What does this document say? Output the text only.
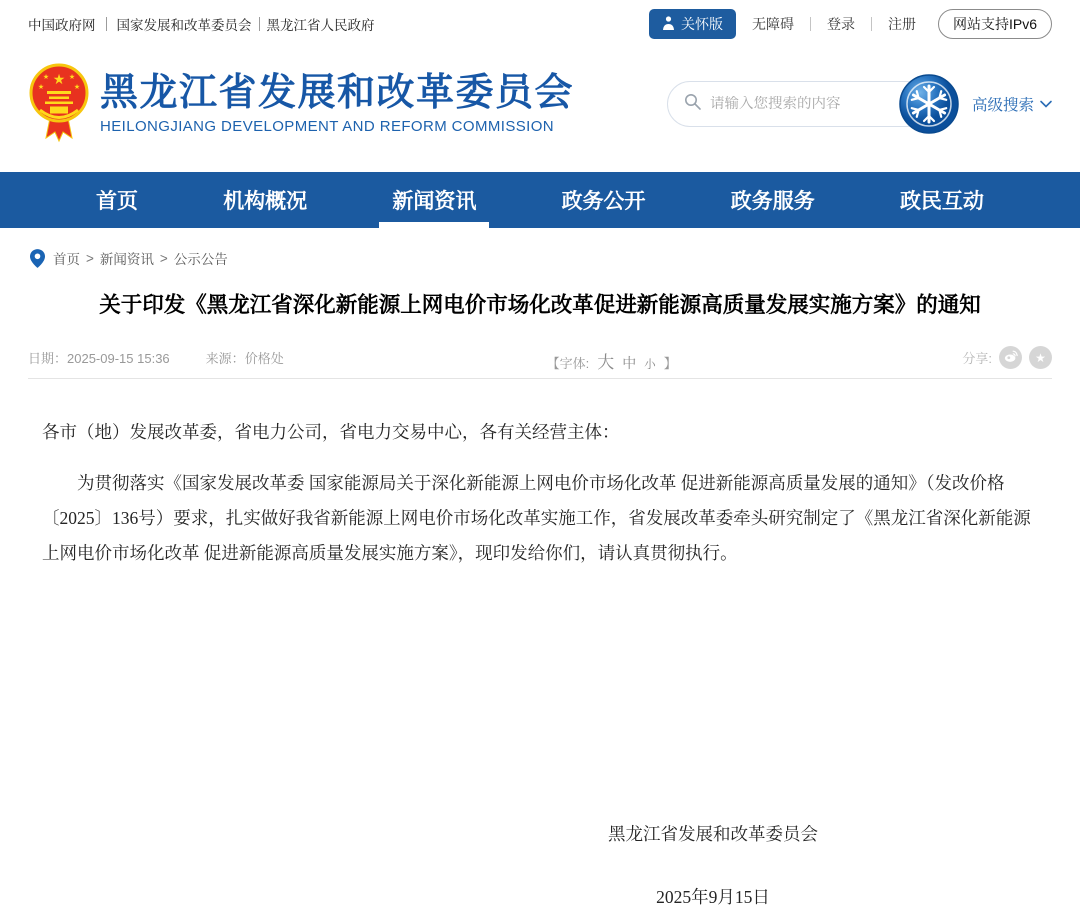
中国政府网 国家发展和改革委员会 黑龙江省人民政府	关怀版 无障碍 登录 注册	网站支持IPv6
★
★	★
★	★ 黑龙江省发展和改革委员会
HEILONGJIANG DEVELOPMENT AND REFORM COMMISSION
请输入您搜索的内容
高级搜索
首页	机构概况	新闻资讯	政务公开	政务服务	政民互动
首页 > 新闻资讯 > 公示公告
关于印发《黑龙江省深化新能源上网电价市场化改革促进新能源高质量发展实施方案》的通知
日期：2025-09-15 15:36	来源：价格处	【字体: 大 中 小 】	分享:	★

各市（地）发展改革委，省电力公司，省电力交易中心，各有关经营主体：

为贯彻落实《国家发展改革委 国家能源局关于深化新能源上网电价市场化改革 促进新能源高质量发展的通知》（发改价格〔2025〕136号）要求，扎实做好我省新能源上网电价市场化改革实施工作，省发展改革委牵头研究制定了《黑龙江省深化新能源上网电价市场化改革 促进新能源高质量发展实施方案》，现印发给你们，请认真贯彻执行。

黑龙江省发展和改革委员会
2025年9月15日
